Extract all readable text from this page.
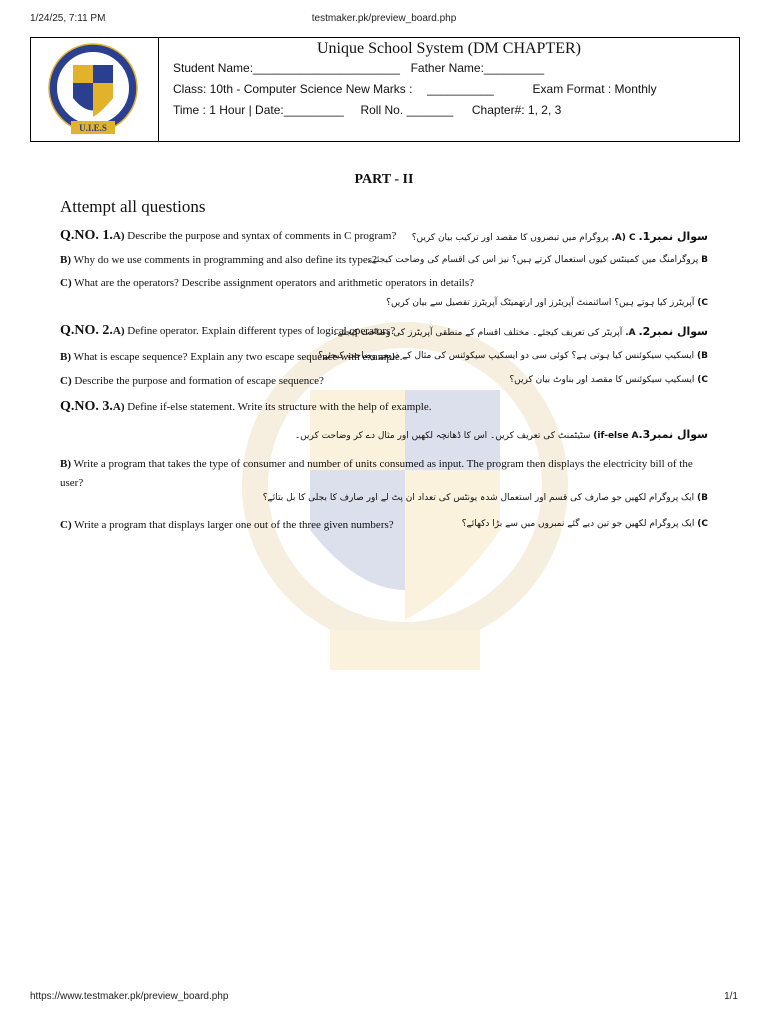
1/24/25, 7:11 PM	testmaker.pk/preview_board.php
https://www.testmaker.pk/preview_board.php	1/1
U.I.E.S
Unique School System (DM CHAPTER)
Student Name:______________________ Father Name:_________
Class: 10th - Computer Science New Marks : __________	Exam Format : Monthly
Time : 1 Hour | Date:_________ Roll No. _______ Chapter#: 1, 2, 3
PART - II
Attempt all questions
Q.NO. 1.A) Describe the purpose and syntax of comments in C program?	سوال نمبر1. A) C. پروگرام میں تبصروں کا مقصد اور ترکیب بیان کریں؟
B) Why do we use comments in programming and also define its types?	B پروگرامنگ میں کمینٹس کیوں استعمال کرتے ہیں؟ نیز اس کی اقسام کی وضاحت کیجئے۔
C) What are the operators? Describe assignment operators and arithmetic operators in details?
C) آپریٹرز کیا ہوتے ہیں؟ اسائنمنٹ آپریٹرز اور ارتھمیٹک آپریٹرز تفصیل سے بیان کریں؟
Q.NO. 2.A) Define operator. Explain different types of logical operators?	سوال نمبر2. A. آپریٹر کی تعریف کیجئے۔ مختلف اقسام کے منطقی آپریٹرز کی وضاحت کیجئے۔
B) What is escape sequence? Explain any two escape sequence with example.	B) ایسکیپ سیکوئنس کیا ہوتی ہے؟ کوئی سی دو ایسکیپ سیکوئنس کی مثال کے ذریعے وضاحت کیجئے؟
C) Describe the purpose and formation of escape sequence?	C) ایسکیپ سیکوئنس کا مقصد اور بناوٹ بیان کریں؟
Q.NO. 3.A) Define if-else statement. Write its structure with the help of example.
سوال نمبر3.if-else A) سٹیٹمنٹ کی تعریف کریں۔ اس کا ڈھانچہ لکھیں اور مثال دے کر وضاحت کریں۔
B) Write a program that takes the type of consumer and number of units consumed as input. The program then displays the electricity bill of the user?
B) ایک پروگرام لکھیں جو صارف کی قسم اور استعمال شدہ یونٹس کی تعداد ان پٹ لے اور صارف کا بجلی کا بل بتائے؟
C) Write a program that displays larger one out of the three given numbers?	C) ایک پروگرام لکھیں جو تین دیے گئے نمبروں میں سے بڑا دکھائے؟
